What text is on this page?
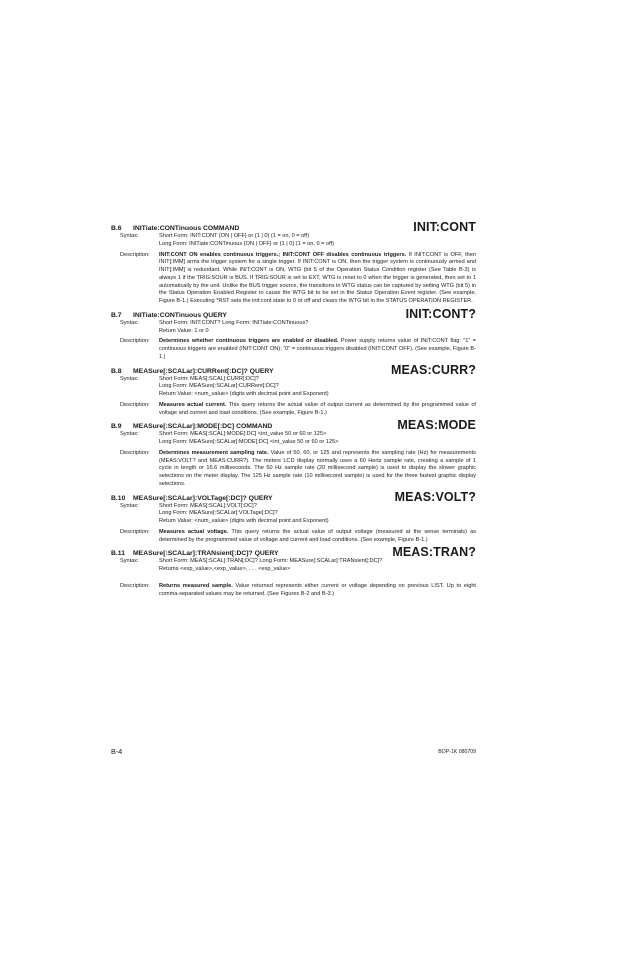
B.6 INITiate:CONTinuous COMMAND	INIT:CONT
Syntax:	Short Form: INIT:CONT {ON | OFF} or {1 | 0} (1 = on, 0 = off)
Long Form: INITiate:CONTinuous {ON | OFF} or {1 | 0} (1 = on, 0 = off)
Description: INIT:CONT ON enables continuous triggers.; INIT:CONT OFF disables continuous triggers. If INIT:CONT is OFF, then INIT[:IMM] arms the trigger system for a single trigger. If INIT:CONT is ON, then the trigger system is continuously armed and INIT[:IMM] is redundant. While INIT:CONT is ON, WTG (bit 5 of the Operation Status Condition register (See Table B-3) is always 1 if the TRIG:SOUR is BUS. If TRIG:SOUR is set to EXT, WTG is reset to 0 when the trigger is generated, then set to 1 automatically by the unit. Unlike the BUS trigger source, the transitions in WTG status can be captured by setting WTG (bit 5) in the Status Operation Enabled Register to cause the WTG bit to be set in the Status Operation Event register. (See example, Figure B-1.) Executing *RST sets the init:cont state to 0 or off and clears the WTG bit in the STATUS OPERATION REGISTER.
B.7 INITiate:CONTinuous QUERY	INIT:CONT?
Syntax:	Short Form: INIT:CONT? Long Form: INITiate:CONTinuous?
Return Value: 1 or 0
Description: Determines whether continuous triggers are enabled or disabled. Power supply returns value of INIT:CONT flag: “1” = continuous triggers are enabled (INIT:CONT ON); “0” = continuous triggers disabled (INIT:CONT OFF). (See example, Figure B-1.)
B.8 MEASure[:SCALar]:CURRent[:DC]? QUERY	MEAS:CURR?
Syntax:	Short Form: MEAS[:SCAL]:CURR[:DC]?
Long Form: MEASure[:SCALar]:CURRent[:DC]?
Return Value: <num_value> (digits with decimal point and Exponent)
Description: Measures actual current. This query returns the actual value of output current as determined by the programmed value of voltage and current and load conditions. (See example, Figure B-1.)
B.9 MEASure[:SCALar]:MODE[:DC] COMMAND	MEAS:MODE
Syntax:	Short Form: MEAS[:SCAL]:MODE[:DC] <int_value 50 or 60 or 125>
Long Form: MEASure[:SCALar]:MODE[:DC] <int_value 50 or 60 or 125>
Description: Determines measurement sampling rate. Value of 50, 60, or 125 and represents the sampling rate (Hz) for measurements (MEAS:VOLT? and MEAS:CURR?). The meters LCD display normally uses a 60 Hertz sample rate, creating a sample of 1 cycle in length or 16.6 milliseconds. The 50 Hz sample rate (20 millisecond sample) is used to display the slower graphic selections on the meter display, The 125 Hz sample rate (10 millisecond sample) is used for the three fastest graphic display selections.
B.10 MEASure[:SCALar]:VOLTage[:DC]? QUERY	MEAS:VOLT?
Syntax:	Short Form: MEAS[:SCAL]:VOLT[:DC]?
Long Form: MEASure[:SCALar]:VOLTage[:DC]?
Return Value: <num_value> (digits with decimal point and Exponent)
Description: Measures actual voltage. This query returns the actual value of output voltage (measured at the sense terminals) as determined by the programmed value of voltage and current and load conditions. (See example, Figure B-1.)
B.11 MEASure[:SCALar]:TRANsient[:DC]? QUERY	MEAS:TRAN?
Syntax:	Short Form: MEAS[:SCAL]:TRAN[:DC]? Long Form: MEASure[:SCALar]:TRANsient[:DC]?
Returns <exp_value>,<exp_value>, . . . <exp_value>
Description: Returns measured sample. Value returned represents either current or voltage depending on previous LIST. Up to eight comma-separated values may be returned. (See Figures B-2 and B-3.)
B-4	BOP-1K 080709
